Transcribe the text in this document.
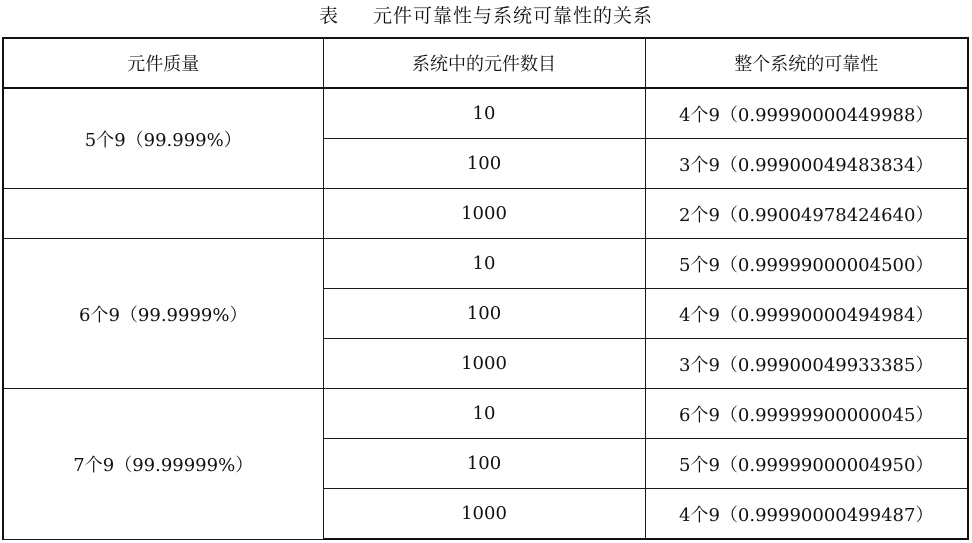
表 元件可靠性与系统可靠性的关系
元件质量	系统中的元件数目	整个系统的可靠性
5个9（99.999%）	10	4个9（0.99990000449988）
	100	3个9（0.99900049483834）
	1000	2个9（0.99004978424640）
6个9（99.9999%）	10	5个9（0.99999000004500）
	100	4个9（0.99990000494984）
	1000	3个9（0.99900049933385）
7个9（99.99999%）	10	6个9（0.99999900000045）
	100	5个9（0.99999000004950）
	1000	4个9（0.99990000499487）
